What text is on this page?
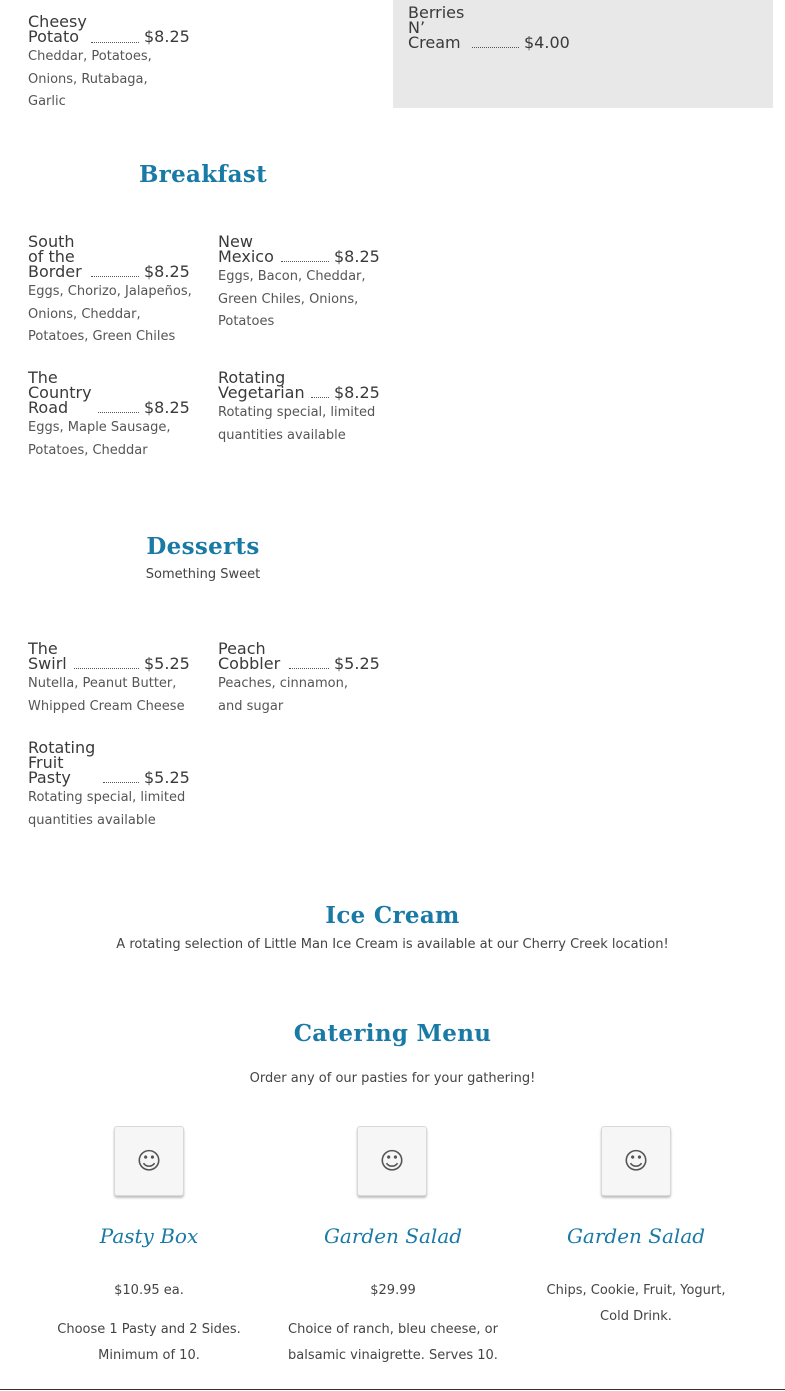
Cheesy
Potato	$8.25
Cheddar, Potatoes, Onions, Rutabaga, Garlic
Berries
N’
Cream	$4.00
Breakfast
South
of the
Border	$8.25
Eggs, Chorizo, Jalapeños, Onions, Cheddar, Potatoes, Green Chiles
New
Mexico	$8.25
Eggs, Bacon, Cheddar, Green Chiles, Onions, Potatoes
The
Country
Road	$8.25
Eggs, Maple Sausage, Potatoes, Cheddar
Rotating
Vegetarian	$8.25
Rotating special, limited quantities available
Desserts
Something Sweet
The
Swirl	$5.25
Nutella, Peanut Butter, Whipped Cream Cheese
Peach
Cobbler	$5.25
Peaches, cinnamon, and sugar
Rotating
Fruit
Pasty	$5.25
Rotating special, limited quantities available
Ice Cream
A rotating selection of Little Man Ice Cream is available at our Cherry Creek location!
Catering Menu
Order any of our pasties for your gathering!
☺
Pasty Box
$10.95 ea.
Choose 1 Pasty and 2 Sides. Minimum of 10.
☺
Garden Salad
$29.99
Choice of ranch, bleu cheese, or balsamic vinaigrette. Serves 10.
☺
Garden Salad
Chips, Cookie, Fruit, Yogurt, Cold Drink.
